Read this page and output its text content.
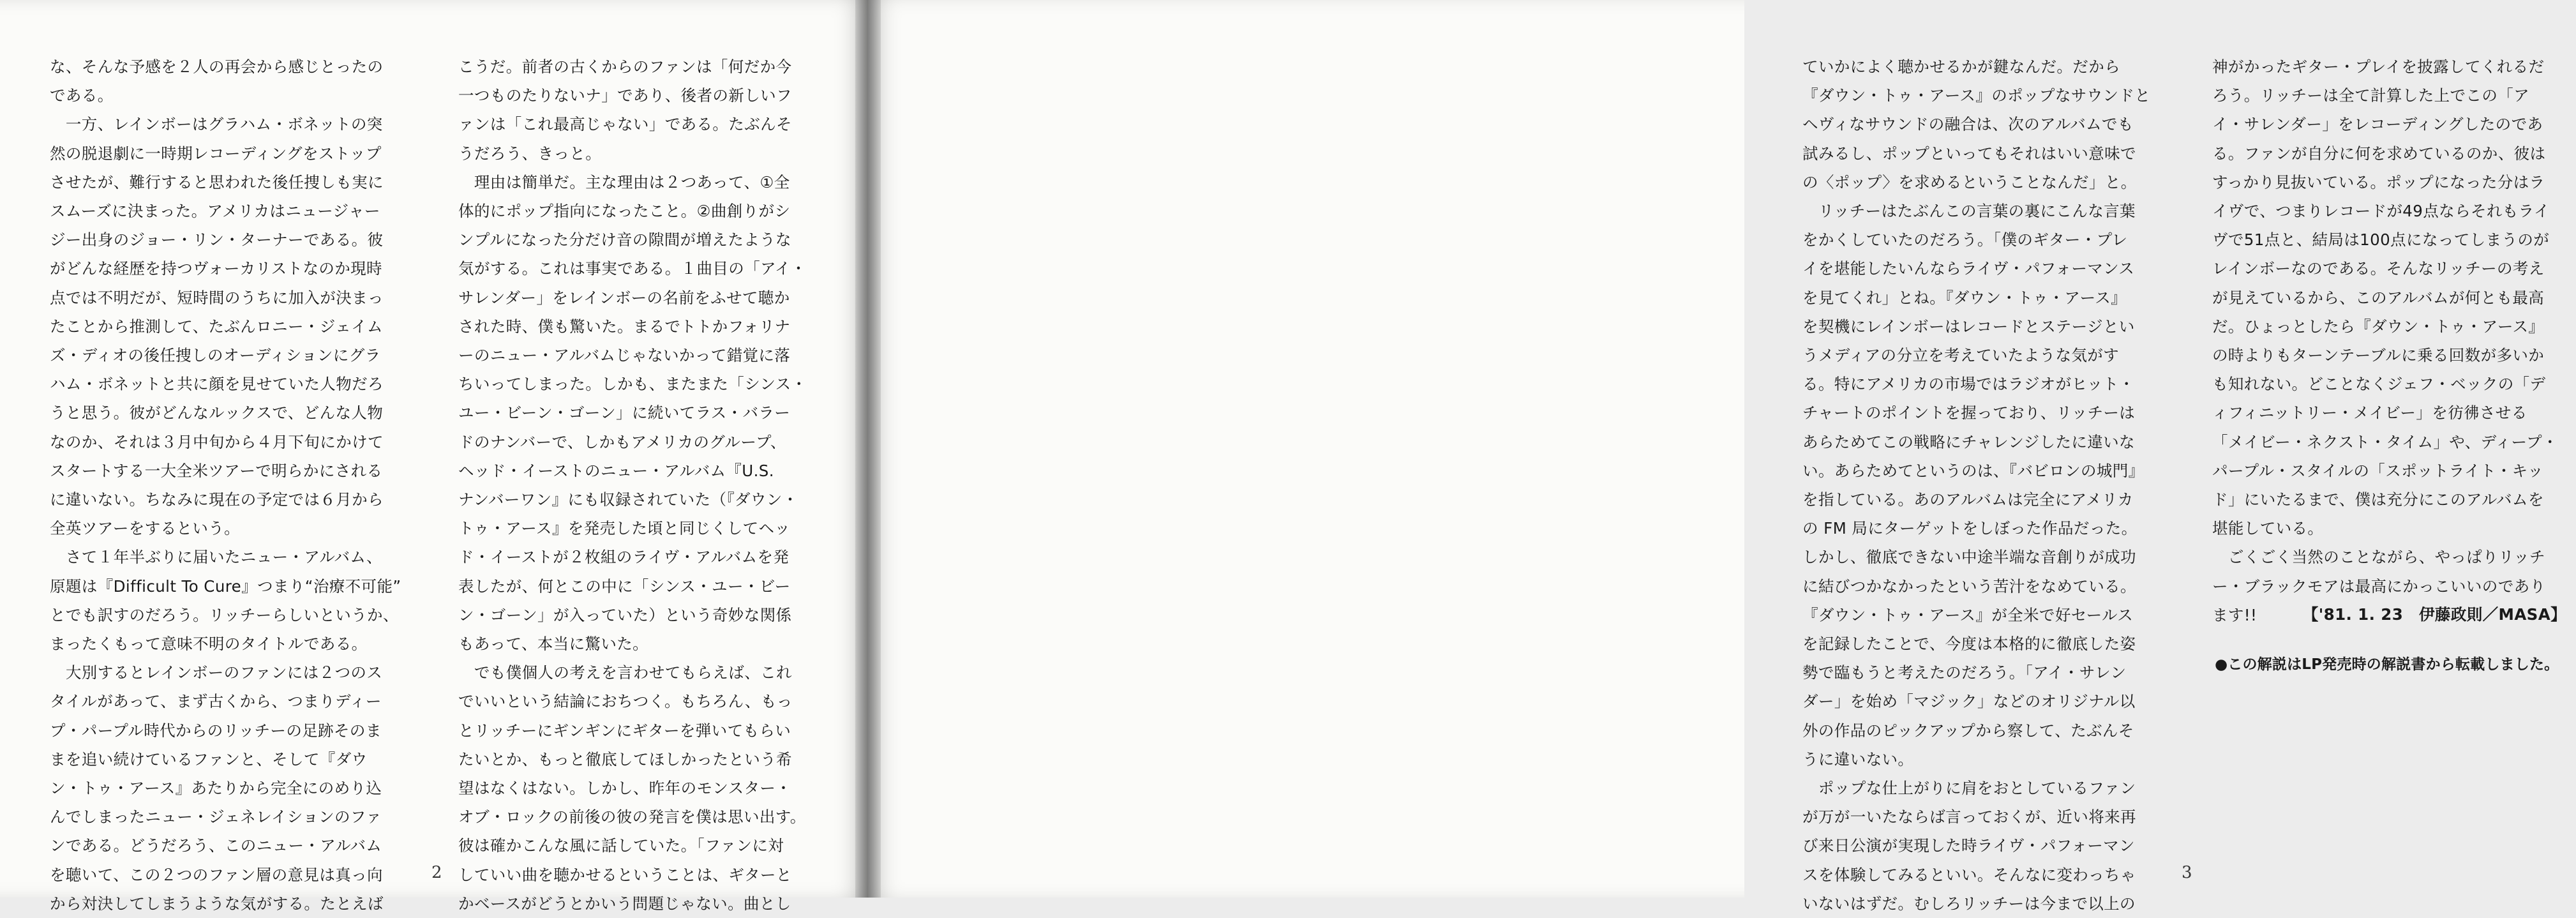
な、そんな予感を２人の再会から感じとったの
である。
　一方、レインボーはグラハム・ボネットの突
然の脱退劇に一時期レコーディングをストップ
させたが、難行すると思われた後任捜しも実に
スムーズに決まった。アメリカはニュージャー
ジー出身のジョー・リン・ターナーである。彼
がどんな経歴を持つヴォーカリストなのか現時
点では不明だが、短時間のうちに加入が決まっ
たことから推測して、たぶんロニー・ジェイム
ズ・ディオの後任捜しのオーディションにグラ
ハム・ボネットと共に顔を見せていた人物だろ
うと思う。彼がどんなルックスで、どんな人物
なのか、それは３月中旬から４月下旬にかけて
スタートする一大全米ツアーで明らかにされる
に違いない。ちなみに現在の予定では６月から
全英ツアーをするという。
　さて１年半ぶりに届いたニュー・アルバム、
原題は『Difficult To Cure』つまり“治療不可能”
とでも訳すのだろう。リッチーらしいというか、
まったくもって意味不明のタイトルである。
　大別するとレインボーのファンには２つのス
タイルがあって、まず古くから、つまりディー
プ・パープル時代からのリッチーの足跡そのま
まを追い続けているファンと、そして『ダウ
ン・トゥ・アース』あたりから完全にのめり込
んでしまったニュー・ジェネレイションのファ
ンである。どうだろう、このニュー・アルバム
を聴いて、この２つのファン層の意見は真っ向
から対決してしまうような気がする。たとえば
こうだ。前者の古くからのファンは「何だか今
一つものたりないナ」であり、後者の新しいフ
ァンは「これ最高じゃない」である。たぶんそ
うだろう、きっと。
　理由は簡単だ。主な理由は２つあって、①全
体的にポップ指向になったこと。②曲創りがシ
ンプルになった分だけ音の隙間が増えたような
気がする。これは事実である。１曲目の「アイ・
サレンダー」をレインボーの名前をふせて聴か
された時、僕も驚いた。まるでトトかフォリナ
ーのニュー・アルバムじゃないかって錯覚に落
ちいってしまった。しかも、またまた「シンス・
ユー・ビーン・ゴーン」に続いてラス・バラー
ドのナンバーで、しかもアメリカのグループ、
ヘッド・イーストのニュー・アルバム『U.S.
ナンバーワン』にも収録されていた（『ダウン・
トゥ・アース』を発売した頃と同じくしてヘッ
ド・イーストが２枚組のライヴ・アルバムを発
表したが、何とこの中に「シンス・ユー・ビー
ン・ゴーン」が入っていた）という奇妙な関係
もあって、本当に驚いた。
　でも僕個人の考えを言わせてもらえば、これ
でいいという結論におちつく。もちろん、もっ
とリッチーにギンギンにギターを弾いてもらい
たいとか、もっと徹底してほしかったという希
望はなくはない。しかし、昨年のモンスター・
オブ・ロックの前後の彼の発言を僕は思い出す。
彼は確かこんな風に話していた。「ファンに対
していい曲を聴かせるということは、ギターと
かベースがどうとかいう問題じゃない。曲とし
2
ていかによく聴かせるかが鍵なんだ。だから
『ダウン・トゥ・アース』のポップなサウンドと
ヘヴィなサウンドの融合は、次のアルバムでも
試みるし、ポップといってもそれはいい意味で
の〈ポップ〉を求めるということなんだ」と。
　リッチーはたぶんこの言葉の裏にこんな言葉
をかくしていたのだろう。「僕のギター・プレ
イを堪能したいんならライヴ・パフォーマンス
を見てくれ」とね。『ダウン・トゥ・アース』
を契機にレインボーはレコードとステージとい
うメディアの分立を考えていたような気がす
る。特にアメリカの市場ではラジオがヒット・
チャートのポイントを握っており、リッチーは
あらためてこの戦略にチャレンジしたに違いな
い。あらためてというのは、『バビロンの城門』
を指している。あのアルバムは完全にアメリカ
の FM 局にターゲットをしぼった作品だった。
しかし、徹底できない中途半端な音創りが成功
に結びつかなかったという苦汁をなめている。
『ダウン・トゥ・アース』が全米で好セールス
を記録したことで、今度は本格的に徹底した姿
勢で臨もうと考えたのだろう。「アイ・サレン
ダー」を始め「マジック」などのオリジナル以
外の作品のピックアップから察して、たぶんそ
うに違いない。
　ポップな仕上がりに肩をおとしているファン
が万が一いたならば言っておくが、近い将来再
び来日公演が実現した時ライヴ・パフォーマン
スを体験してみるといい。そんなに変わっちゃ
いないはずだ。むしろリッチーは今まで以上の
神がかったギター・プレイを披露してくれるだ
ろう。リッチーは全て計算した上でこの「ア
イ・サレンダー」をレコーディングしたのであ
る。ファンが自分に何を求めているのか、彼は
すっかり見抜いている。ポップになった分はラ
イヴで、つまりレコードが49点ならそれもライ
ヴで51点と、結局は100点になってしまうのが
レインボーなのである。そんなリッチーの考え
が見えているから、このアルバムが何とも最高
だ。ひょっとしたら『ダウン・トゥ・アース』
の時よりもターンテーブルに乗る回数が多いか
も知れない。どことなくジェフ・ベックの「デ
ィフィニットリー・メイビー」を彷彿させる
「メイビー・ネクスト・タイム」や、ディープ・
パープル・スタイルの「スポットライト・キッ
ド」にいたるまで、僕は充分にこのアルバムを
堪能している。
　ごくごく当然のことながら、やっぱりリッチ
ー・ブラックモアは最高にかっこいいのであり
ます!!	【'81. 1. 23　伊藤政則／MASA】
●この解説はLP発売時の解説書から転載しました。
3
